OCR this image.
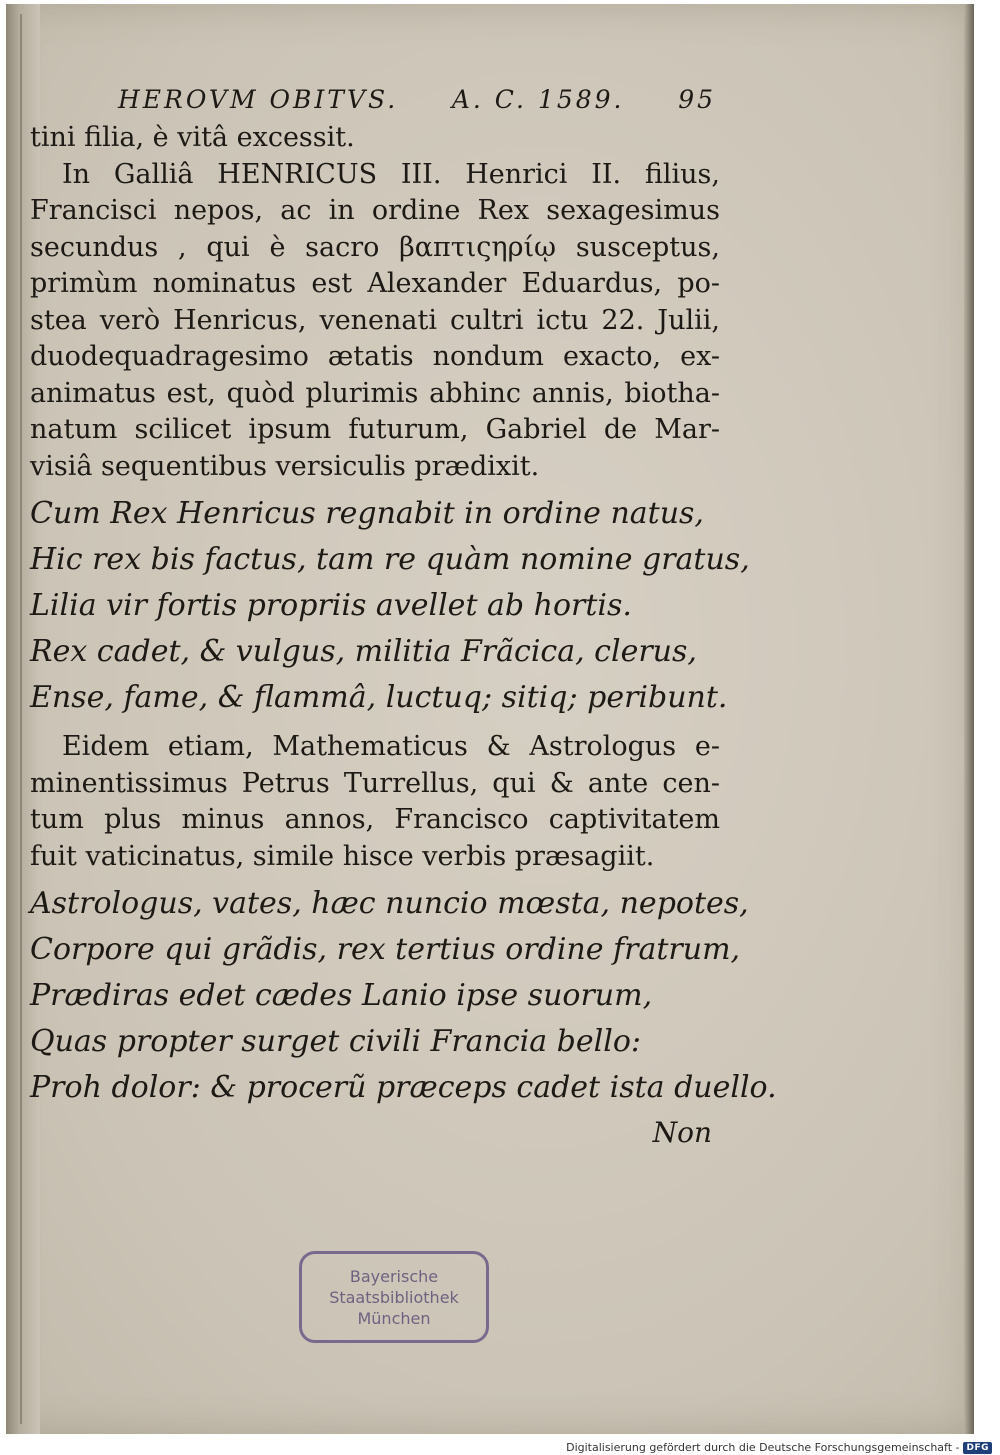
Bayerische
Staatsbibliothek
München
HEROVM OBITVS. A. C. 1589. 95
tini filia, è vitâ excessit.
In Galliâ HENRICUS III. Henrici II. filius,
Francisci nepos, ac in ordine Rex sexagesimus
secundus , qui è sacro βαπτιςηρίῳ susceptus,
primùm nominatus est Alexander Eduardus, po-
stea verò Henricus, venenati cultri ictu 22. Julii,
duodequadragesimo ætatis nondum exacto, ex-
animatus est, quòd plurimis abhinc annis, biotha-
natum scilicet ipsum futurum, Gabriel de Mar-
visiâ sequentibus versiculis prædixit.
Cum Rex Henricus regnabit in ordine natus,
Hic rex bis factus, tam re quàm nomine gratus,
Lilia vir fortis propriis avellet ab hortis.
Rex cadet, & vulgus, militia Frãcica, clerus,
Ense, fame, & flammâ, luctuq; sitiq; peribunt.
Eidem etiam, Mathematicus & Astrologus e-
minentissimus Petrus Turrellus, qui & ante cen-
tum plus minus annos, Francisco captivitatem
fuit vaticinatus, simile hisce verbis præsagiit.
Astrologus, vates, hæc nuncio mœsta, nepotes,
Corpore qui grãdis, rex tertius ordine fratrum,
Prædiras edet cædes Lanio ipse suorum,
Quas propter surget civili Francia bello:
Proh dolor: & procerũ præceps cadet ista duello.
Non
Digitalisierung gefördert durch die Deutsche Forschungsgemeinschaft - DFG
